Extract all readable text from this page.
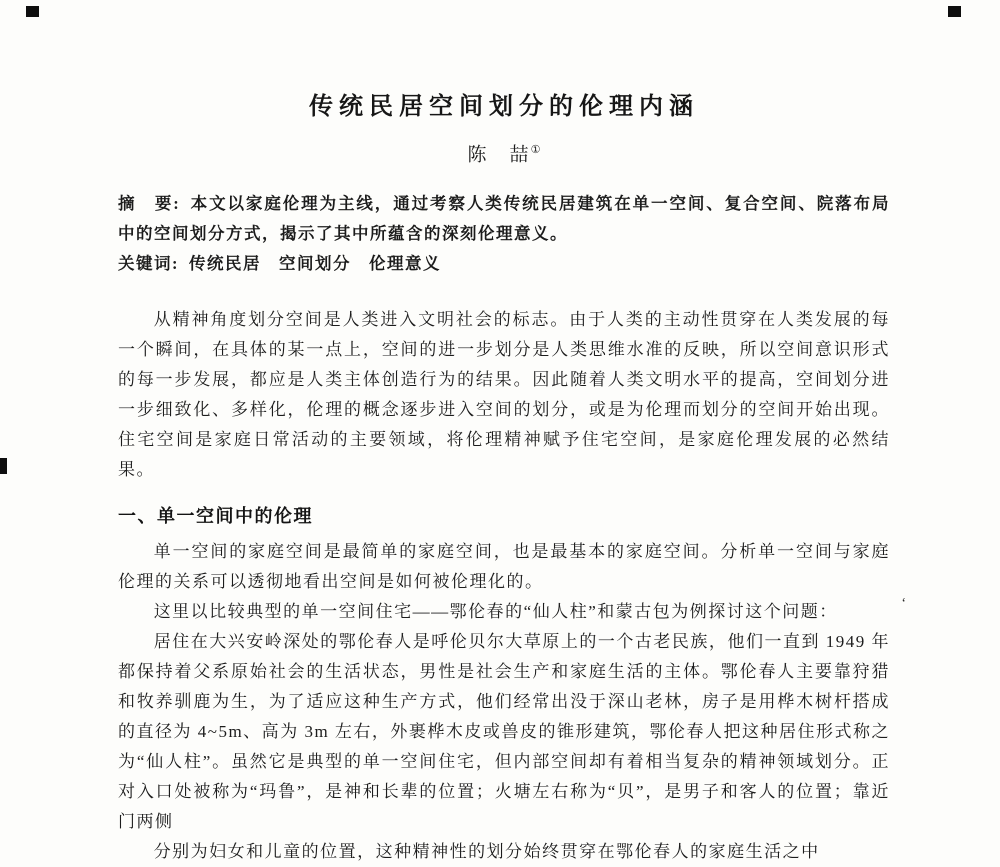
传统民居空间划分的伦理内涵
陈　喆①

摘　要: 本文以家庭伦理为主线，通过考察人类传统民居建筑在单一空间、复合空间、院落布局中的空间划分方式，揭示了其中所蕴含的深刻伦理意义。

关键词: 传统民居　空间划分　伦理意义

从精神角度划分空间是人类进入文明社会的标志。由于人类的主动性贯穿在人类发展的每一个瞬间，在具体的某一点上，空间的进一步划分是人类思维水准的反映，所以空间意识形式的每一步发展，都应是人类主体创造行为的结果。因此随着人类文明水平的提高，空间划分进一步细致化、多样化，伦理的概念逐步进入空间的划分，或是为伦理而划分的空间开始出现。住宅空间是家庭日常活动的主要领域，将伦理精神赋予住宅空间，是家庭伦理发展的必然结果。

一、单一空间中的伦理

单一空间的家庭空间是最简单的家庭空间，也是最基本的家庭空间。分析单一空间与家庭伦理的关系可以透彻地看出空间是如何被伦理化的。

这里以比较典型的单一空间住宅——鄂伦春的“仙人柱”和蒙古包为例探讨这个问题：	‘

居住在大兴安岭深处的鄂伦春人是呼伦贝尔大草原上的一个古老民族，他们一直到 1949 年都保持着父系原始社会的生活状态，男性是社会生产和家庭生活的主体。鄂伦春人主要靠狩猎和牧养驯鹿为生，为了适应这种生产方式，他们经常出没于深山老林，房子是用桦木树杆搭成的直径为 4~5m、高为 3m 左右，外裹桦木皮或兽皮的锥形建筑，鄂伦春人把这种居住形式称之为“仙人柱”。虽然它是典型的单一空间住宅，但内部空间却有着相当复杂的精神领域划分。正对入口处被称为“玛鲁”，是神和长辈的位置；火塘左右称为“贝”，是男子和客人的位置；靠近门两侧

分别为妇女和儿童的位置，这种精神性的划分始终贯穿在鄂伦春人的家庭生活之中
